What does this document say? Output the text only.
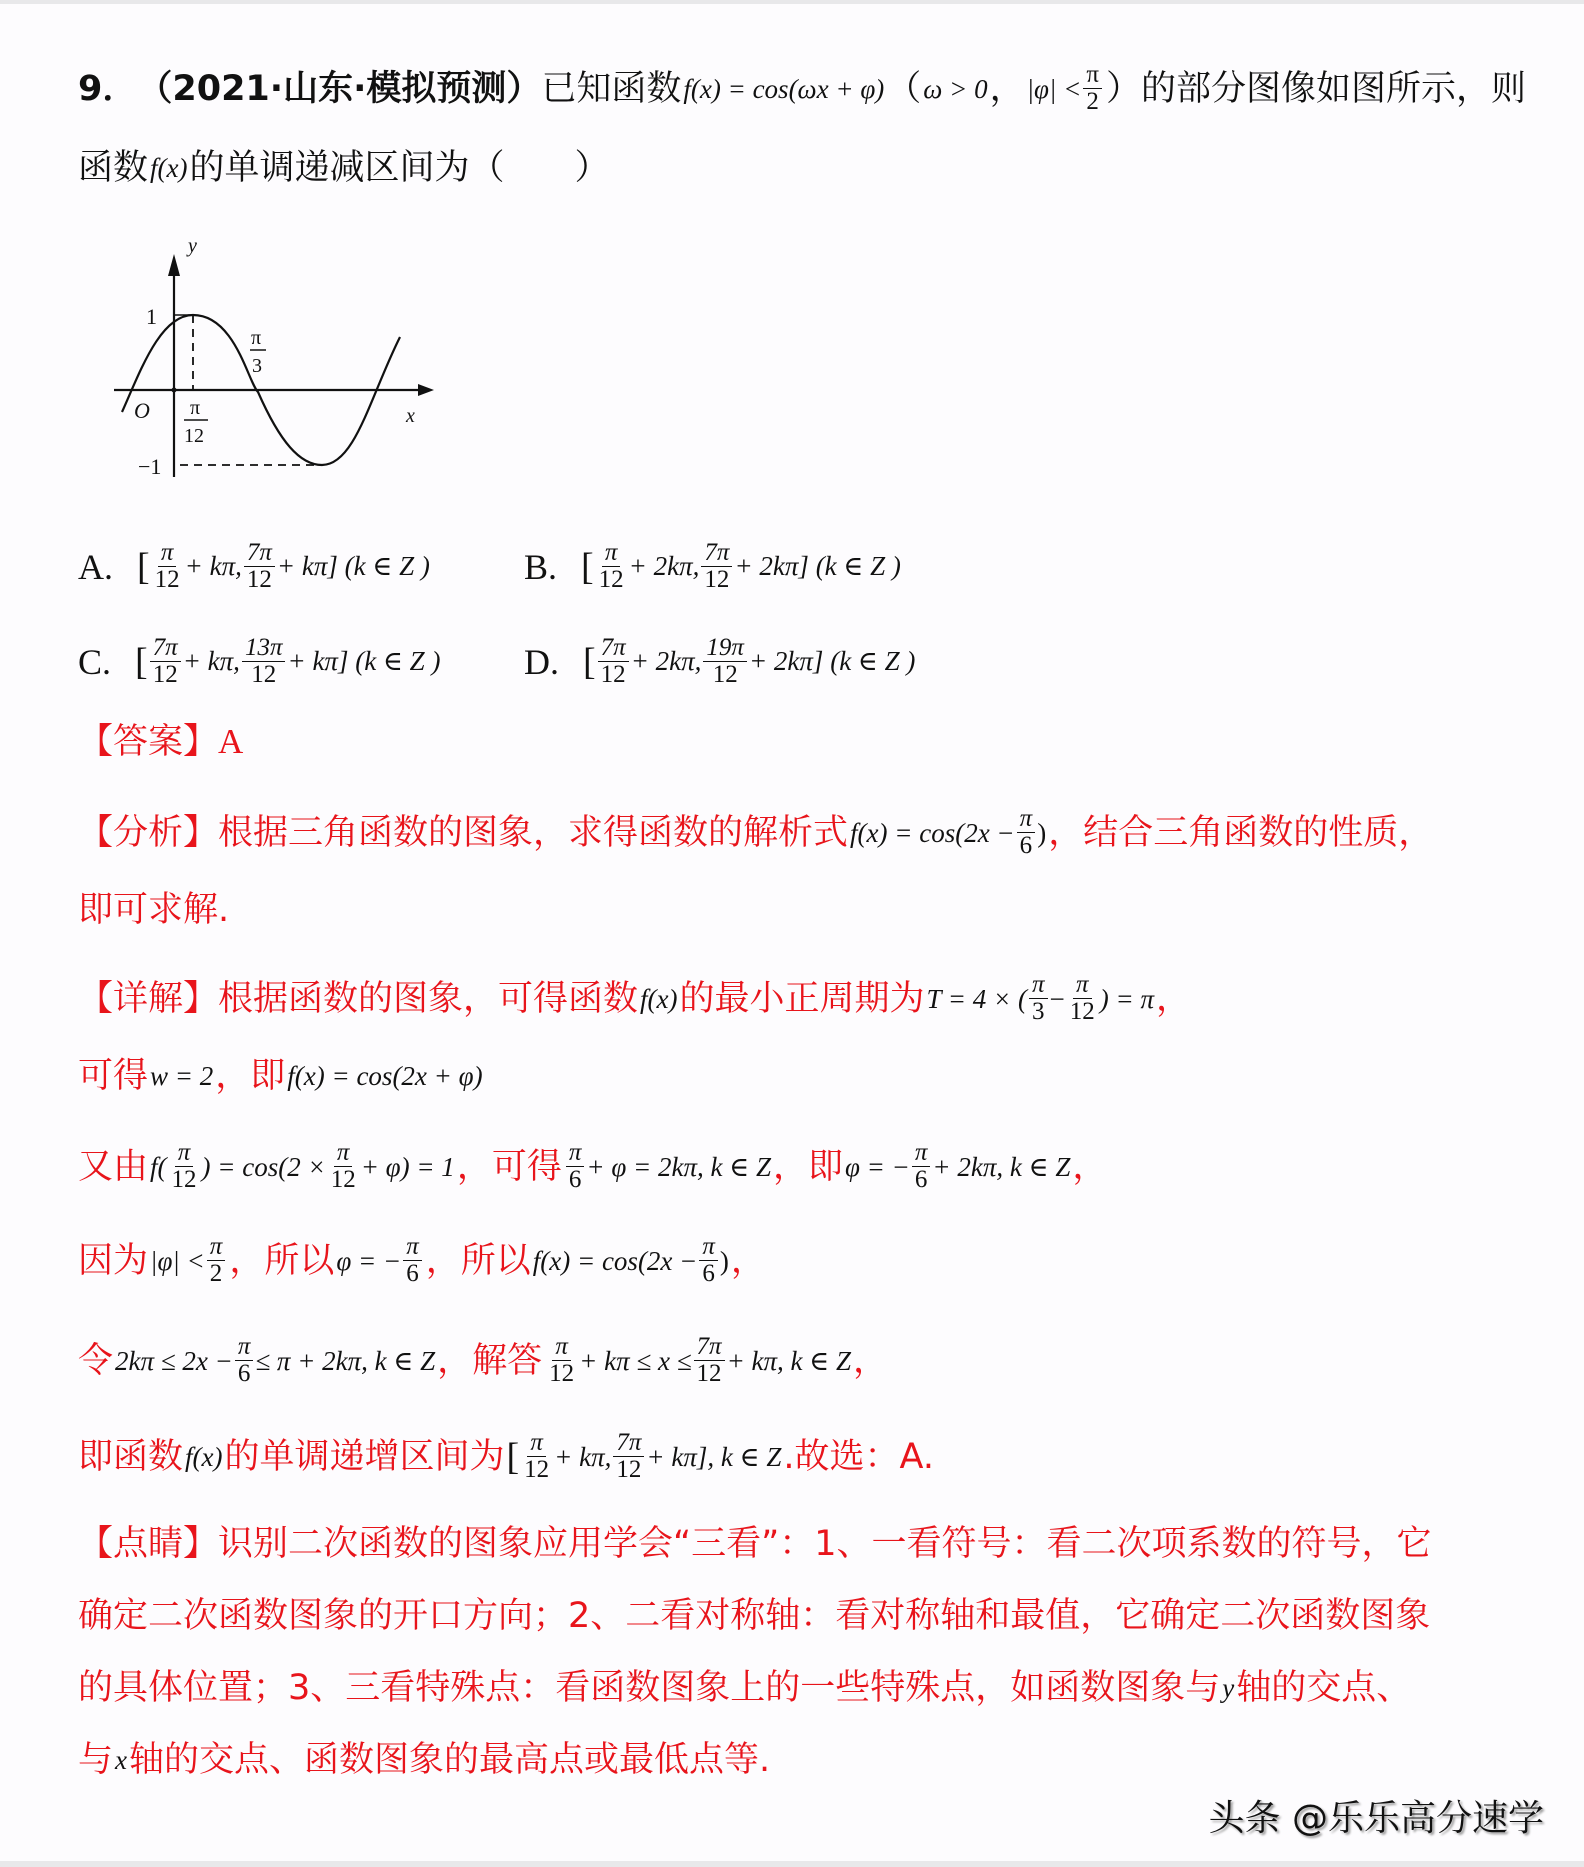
9． （2021·山东·模拟预测） 已知函数 f(x) = cos(ωx + φ) （ ω > 0 ， $|\varphi| < \frac{\pi}{2}$ ）的部分图像如图所示，则
函数 f(x) 的单调递减区间为（　　）
y
x
O
1
−1
π
12
π
3
A. [ $\frac{\pi}{12} + k\pi$, $\frac{7\pi}{12} + k\pi$]
(k ∈ Z )	B. [ $\frac{\pi}{12} + 2k\pi$, $\frac{7\pi}{12} + 2k\pi$]
(k ∈ Z )
C. [ $\frac{7\pi}{12} + k\pi$, $\frac{13\pi}{12} + k\pi$]
(k ∈ Z ) D. [ $\frac{7\pi}{12} + 2k\pi$, $\frac{19\pi}{12} + 2k\pi$]
(k ∈ Z )
【答案】 A
【分析】 根据三角函数的图象，求得函数的解析式 $f(x) = \cos(2x - \frac{\pi}{6}$ ) ，结合三角函数的性质，
即可求解.
【详解】 根据函数的图象，可得函数 f(x) 的最小正周期为 T = 4 × ( $\frac{\pi}{3} - \frac{\pi}{12}$ ) = π ，
可得 w = 2 ，即 f(x) = cos(2x + φ)
又由 $f( \frac{\pi}{12}$ ) = $\cos(2 \times \frac{\pi}{12} + \varphi) = 1$ ，可得 $\frac{\pi}{6} + \varphi = 2k\pi$, k ∈ Z ，即 φ = − $\frac{\pi}{6} + 2k\pi$, k ∈ Z ，
因为 $|\varphi| < \frac{\pi}{2}$ ，所以 φ = − $\frac{\pi}{6}$ ，所以 $f(x) = \cos(2x - \frac{\pi}{6}$ ) ，
令 $2k\pi \le 2x - \frac{\pi}{6} \le \pi + 2k\pi$, k ∈ Z ，解答 $\frac{\pi}{12} + k\pi \le x \le \frac{7\pi}{12} + k\pi$, k ∈ Z ，
即函数 f(x) 的单调递增区间为 [ $\frac{\pi}{12} + k\pi$, $\frac{7\pi}{12} + k\pi$], k ∈ Z .故选：A.
【点睛】 识别二次函数的图象应用学会“三看”：1、一看符号：看二次项系数的符号，它
确定二次函数图象的开口方向；2、二看对称轴：看对称轴和最值，它确定二次函数图象
的具体位置；3、三看特殊点：看函数图象上的一些特殊点，如函数图象与 y 轴的交点、
与 x 轴的交点、函数图象的最高点或最低点等.
头条 @乐乐高分速学
